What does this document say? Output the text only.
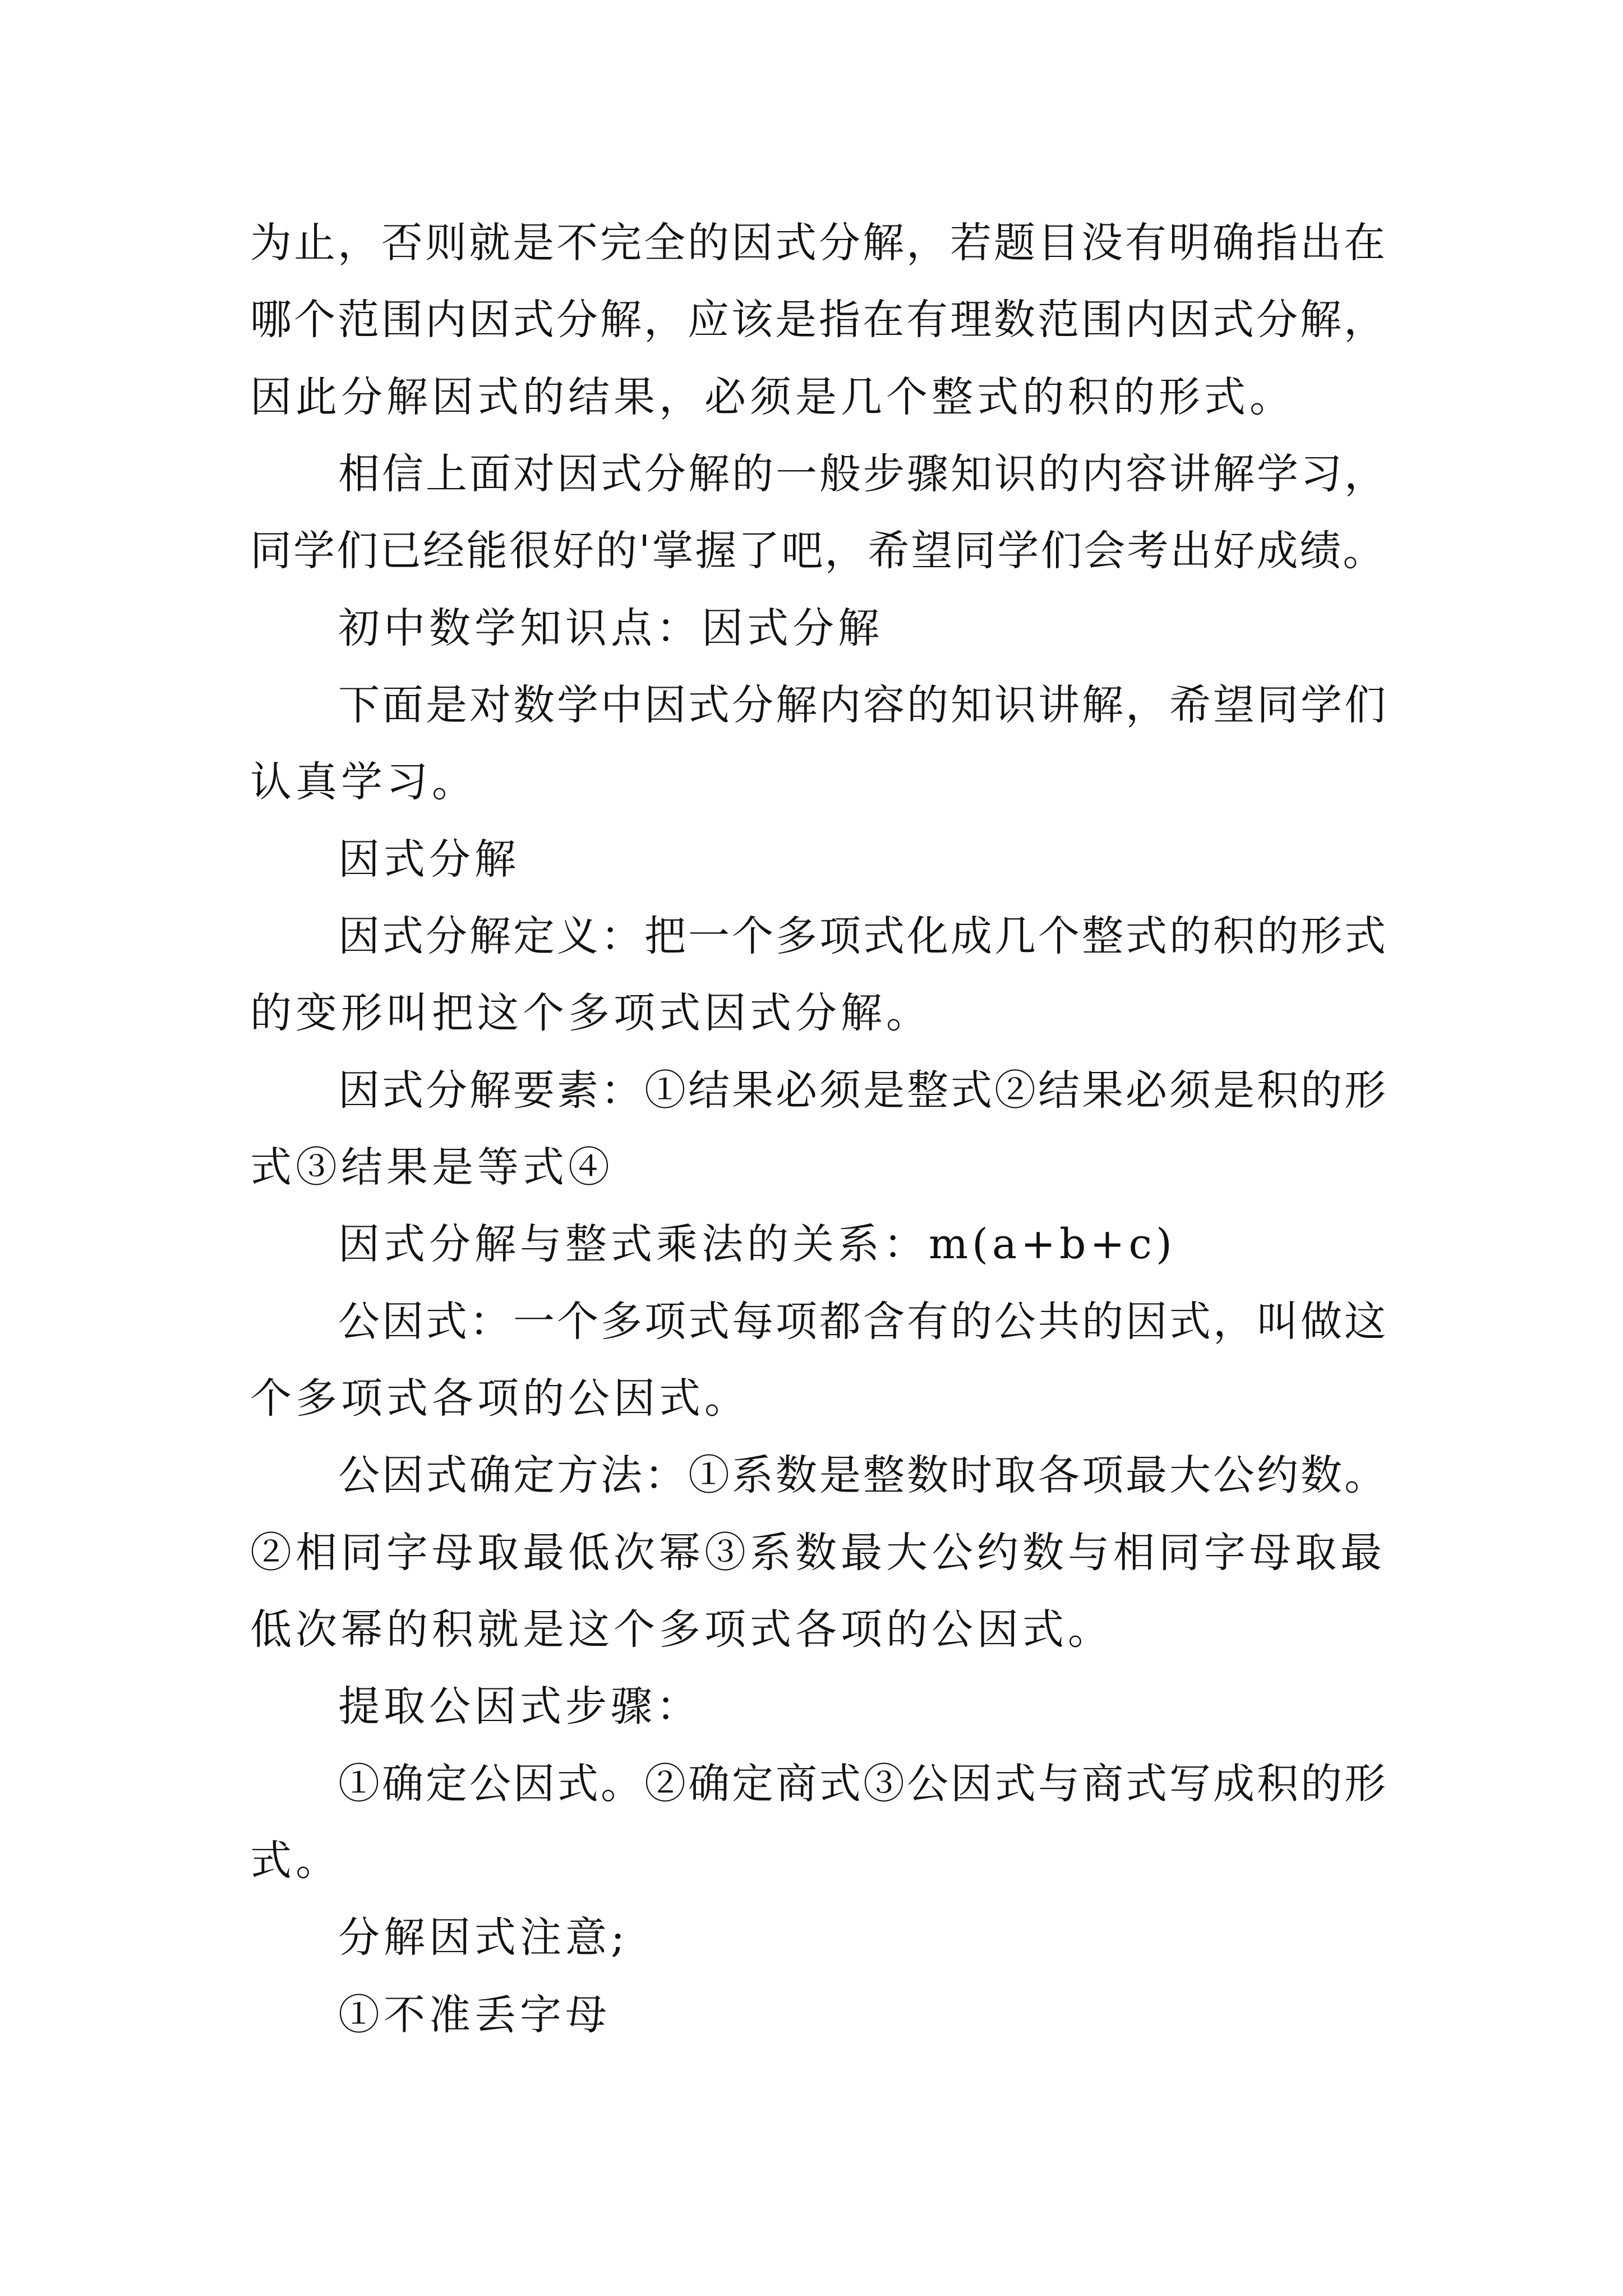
为止，否则就是不完全的因式分解，若题目没有明确指出在

哪个范围内因式分解，应该是指在有理数范围内因式分解，

因此分解因式的结果，必须是几个整式的积的形式。

相信上面对因式分解的一般步骤知识的内容讲解学习，

同学们已经能很好的'掌握了吧，希望同学们会考出好成绩。

初中数学知识点：因式分解

下面是对数学中因式分解内容的知识讲解，希望同学们

认真学习。

因式分解

因式分解定义：把一个多项式化成几个整式的积的形式

的变形叫把这个多项式因式分解。

因式分解要素：①结果必须是整式②结果必须是积的形

式③结果是等式④

因式分解与整式乘法的关系：m(a+b+c)

公因式：一个多项式每项都含有的公共的因式，叫做这

个多项式各项的公因式。

公因式确定方法：①系数是整数时取各项最大公约数。

②相同字母取最低次幂③系数最大公约数与相同字母取最

低次幂的积就是这个多项式各项的公因式。

提取公因式步骤：

①确定公因式。②确定商式③公因式与商式写成积的形

式。

分解因式注意;

①不准丢字母
